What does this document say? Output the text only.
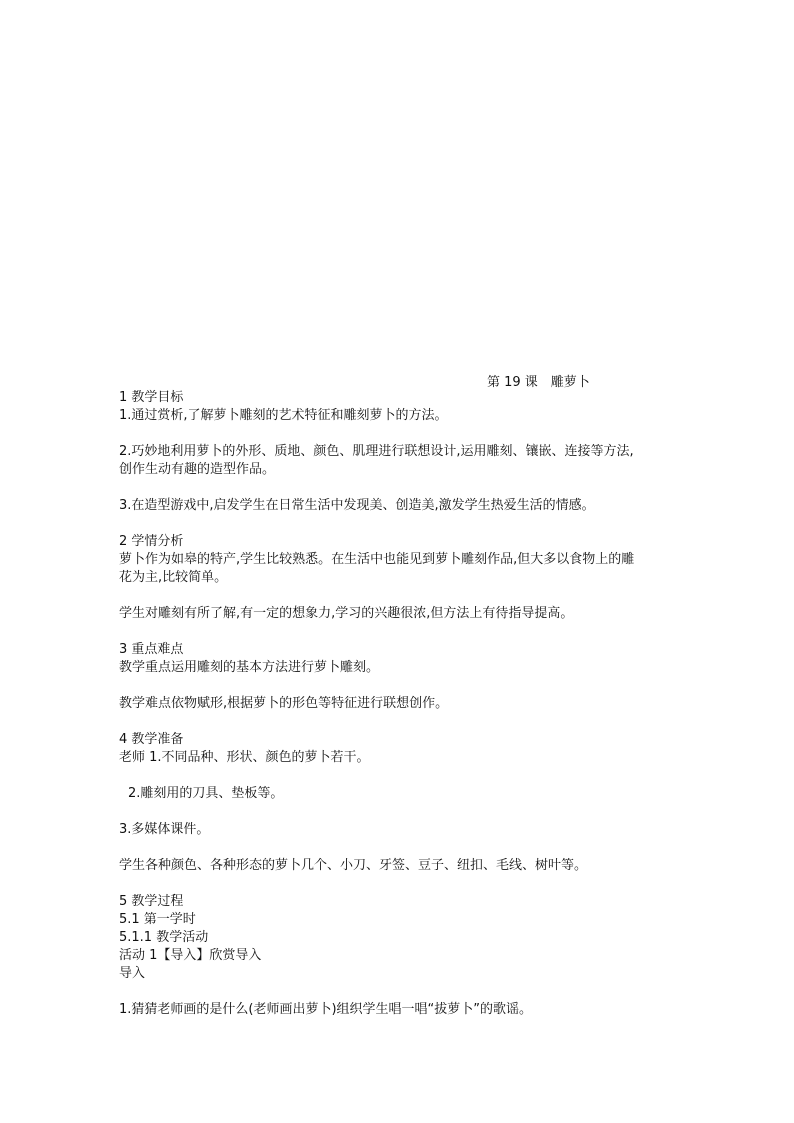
第 19 课　雕萝卜

1 教学目标

1.通过赏析,了解萝卜雕刻的艺术特征和雕刻萝卜的方法。

2.巧妙地利用萝卜的外形、质地、颜色、肌理进行联想设计,运用雕刻、镶嵌、连接等方法,

创作生动有趣的造型作品。

3.在造型游戏中,启发学生在日常生活中发现美、创造美,激发学生热爱生活的情感。

2 学情分析

萝卜作为如皋的特产,学生比较熟悉。在生活中也能见到萝卜雕刻作品,但大多以食物上的雕

花为主,比较简单。

学生对雕刻有所了解,有一定的想象力,学习的兴趣很浓,但方法上有待指导提高。

3 重点难点

教学重点运用雕刻的基本方法进行萝卜雕刻。

教学难点依物赋形,根据萝卜的形色等特征进行联想创作。

4 教学准备

老师 1.不同品种、形状、颜色的萝卜若干。

2.雕刻用的刀具、垫板等。

3.多媒体课件。

学生各种颜色、各种形态的萝卜几个、小刀、牙签、豆子、纽扣、毛线、树叶等。

5 教学过程

5.1 第一学时

5.1.1 教学活动

活动 1【导入】欣赏导入

导入

1.猜猜老师画的是什么(老师画出萝卜)组织学生唱一唱“拔萝卜”的歌谣。
